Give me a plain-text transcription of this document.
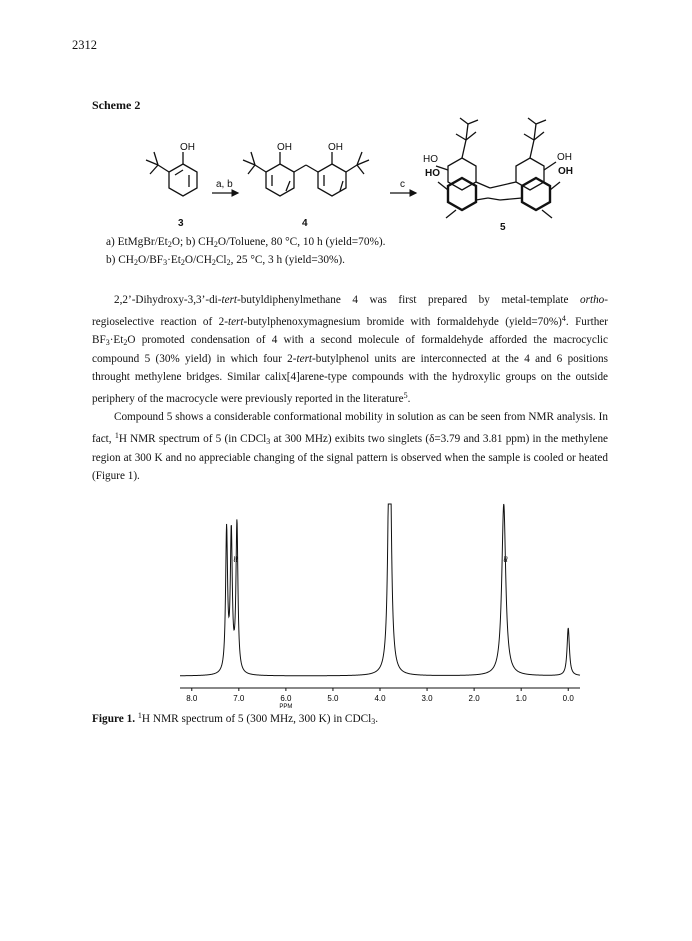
2312
Scheme 2
OH	OH	OH
HO
HO
OH
OH
a, b	c
3	4	5
a) EtMgBr/$Et_2O$; b) $CH_2O$/Toluene, 80 °C, 10 h (yield=70%).
b) $CH_2O/BF_3\cdot Et_2O/CH_2Cl_2$, 25 °C, 3 h (yield=30%).

2,2’-Dihydroxy-3,3’-di-tert-butyldiphenylmethane 4 was first prepared by metal-template ortho-regioselective reaction of 2-tert-butylphenoxymagnesium bromide with formaldehyde (yield=70%)$^4$. Further $BF_3\cdot Et_2O$ promoted condensation of 4 with a second molecule of formaldehyde afforded the macrocyclic compound 5 (30% yield) in which four 2-tert-butylphenol units are interconnected at the 4 and 6 positions throught methylene bridges. Similar calix[4]arene-type compounds with the hydroxylic groups on the outside periphery of the macrocycle were previously reported in the literature$^5$.

Compound 5 shows a considerable conformational mobility in solution as can be seen from NMR analysis. In fact, $^1$H NMR spectrum of 5 (in CDCl$_3$ at 300 MHz) exibits two singlets (δ=3.79 and 3.81 ppm) in the methylene region at 300 K and no appreciable changing of the signal pattern is observed when the sample is cooled or heated (Figure 1).

≈	≈
8.0	7.0	6.0	5.0	4.0	3.0	2.0	1.0	0.0
PPM
Figure 1. $^1$H NMR spectrum of 5 (300 MHz, 300 K) in CDCl$_3$.
